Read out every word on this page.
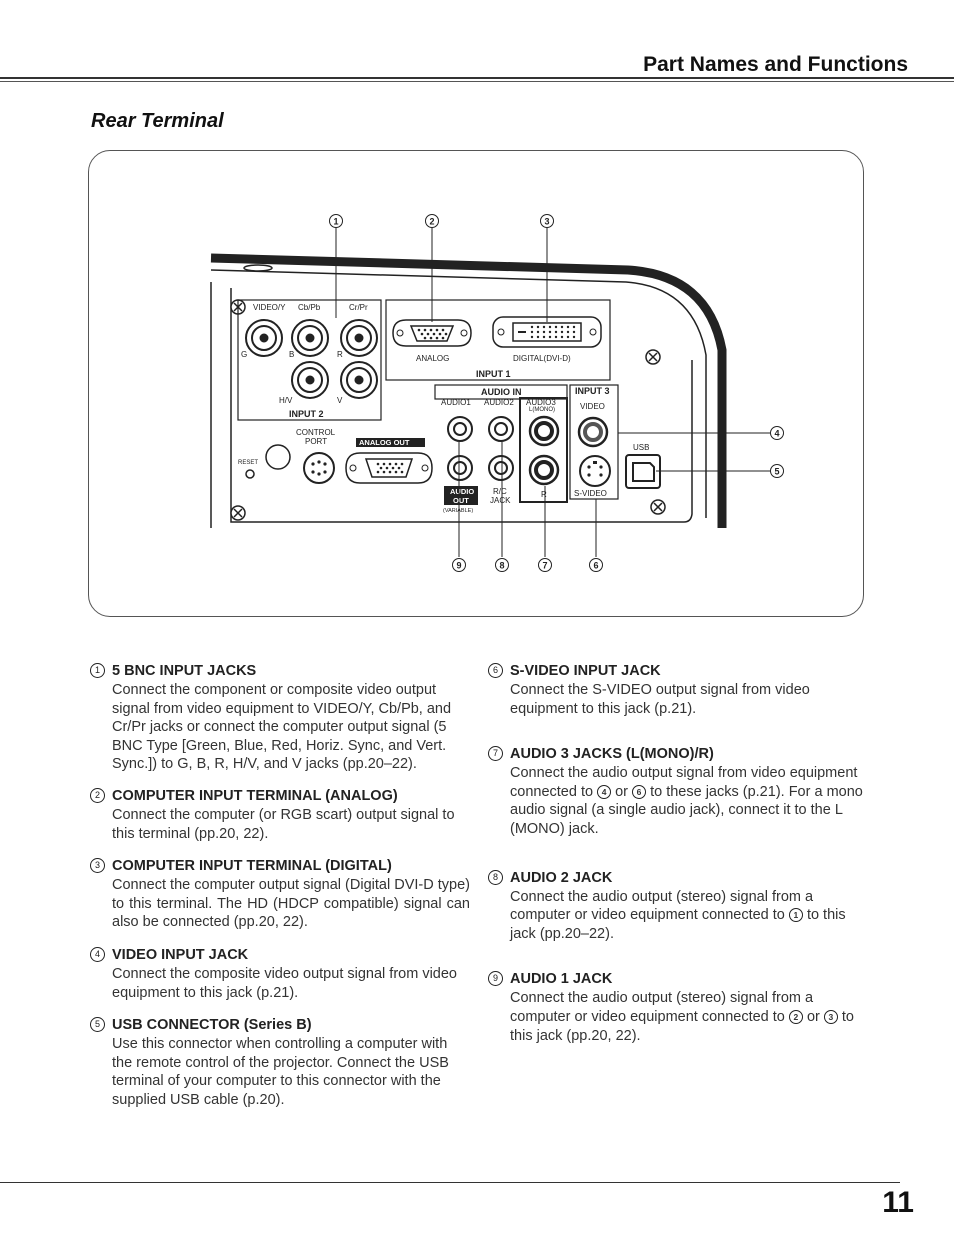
Part Names and Functions
Rear Terminal
VIDEO/Y Cb/Pb	Cr/Pr
G	B	R
H/V	V
INPUT 2
ANALOG	DIGITAL(DVI-D)
INPUT 1
AUDIO IN
AUDIO1 AUDIO2 AUDIO3
L(MONO)
INPUT 3
VIDEO
R	S-VIDEO
USB
CONTROL
PORT	ANALOG OUT
RESET
AUDIO
OUT
(VARIABLE)
R/C
JACK
1	2	3
4
5
6
7
8
9
1 5 BNC INPUT JACKS
Connect the component or composite video output signal from video equipment to VIDEO/Y, Cb/Pb, and Cr/Pr jacks or connect the computer output signal (5 BNC Type [Green, Blue, Red, Horiz. Sync, and Vert. Sync.]) to G, B, R, H/V, and V jacks (pp.20–22).
2 COMPUTER INPUT TERMINAL (ANALOG)
Connect the computer (or RGB scart) output signal to this terminal (pp.20, 22).
3 COMPUTER INPUT TERMINAL (DIGITAL)
Connect the computer output signal (Digital DVI-D type) to this terminal. The HD (HDCP compatible) signal can also be connected (pp.20, 22).
4 VIDEO INPUT JACK
Connect the composite video output signal from video equipment to this jack (p.21).
5 USB CONNECTOR (Series B)
Use this connector when controlling a computer with the remote control of the projector. Connect the USB terminal of your computer to this connector with the supplied USB cable (p.20).
6 S-VIDEO INPUT JACK
Connect the S-VIDEO output signal from video equipment to this jack (p.21).
7 AUDIO 3 JACKS (L(MONO)/R)
Connect the audio output signal from video equipment connected to 4 or 6 to these jacks (p.21). For a mono audio signal (a single audio jack), connect it to the L (MONO) jack.
8 AUDIO 2 JACK
Connect the audio output (stereo) signal from a computer or video equipment connected to 1 to this jack (pp.20–22).
9 AUDIO 1 JACK
Connect the audio output (stereo) signal from a computer or video equipment connected to 2 or 3 to this jack (pp.20, 22).
11
